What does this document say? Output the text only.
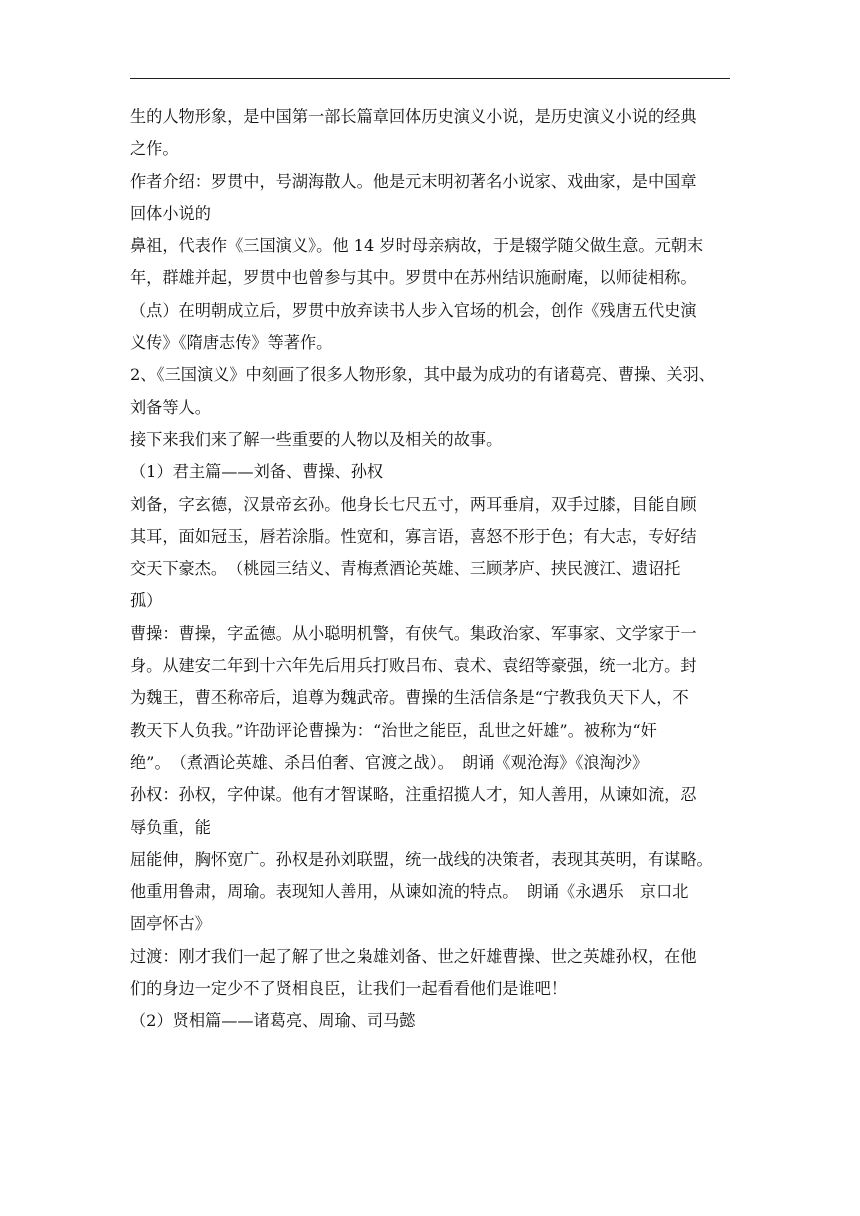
生的人物形象，是中国第一部长篇章回体历史演义小说，是历史演义小说的经典
之作。
作者介绍：罗贯中，号湖海散人。他是元末明初著名小说家、戏曲家，是中国章
回体小说的
鼻祖，代表作《三国演义》。他 14 岁时母亲病故，于是辍学随父做生意。元朝末
年，群雄并起，罗贯中也曾参与其中。罗贯中在苏州结识施耐庵，以师徒相称。
（点）在明朝成立后，罗贯中放弃读书人步入官场的机会，创作《残唐五代史演
义传》《隋唐志传》等著作。
2、《三国演义》中刻画了很多人物形象，其中最为成功的有诸葛亮、曹操、关羽、
刘备等人。
接下来我们来了解一些重要的人物以及相关的故事。
（1）君主篇——刘备、曹操、孙权
刘备，字玄德，汉景帝玄孙。他身长七尺五寸，两耳垂肩，双手过膝，目能自顾
其耳，面如冠玉，唇若涂脂。性宽和，寡言语，喜怒不形于色；有大志，专好结
交天下豪杰。　（桃园三结义、青梅煮酒论英雄、三顾茅庐、挟民渡江、遗诏托
孤）
曹操：曹操，字孟德。从小聪明机警，有侠气。集政治家、军事家、文学家于一
身。从建安二年到十六年先后用兵打败吕布、袁术、袁绍等豪强，统一北方。封
为魏王，曹丕称帝后，追尊为魏武帝。曹操的生活信条是“宁教我负天下人，不
教天下人负我。”许劭评论曹操为：“治世之能臣，乱世之奸雄”。被称为“奸
绝”。　（煮酒论英雄、杀吕伯奢、官渡之战）。　朗诵《观沧海》《浪淘沙》
孙权：孙权，字仲谋。他有才智谋略，注重招揽人才，知人善用，从谏如流，忍
辱负重，能
屈能伸，胸怀宽广。孙权是孙刘联盟，统一战线的决策者，表现其英明，有谋略。
他重用鲁肃，周瑜。表现知人善用，从谏如流的特点。　朗诵《永遇乐　京口北
固亭怀古》
过渡：刚才我们一起了解了世之枭雄刘备、世之奸雄曹操、世之英雄孙权，在他
们的身边一定少不了贤相良臣，让我们一起看看他们是谁吧！
（2）贤相篇——诸葛亮、周瑜、司马懿
